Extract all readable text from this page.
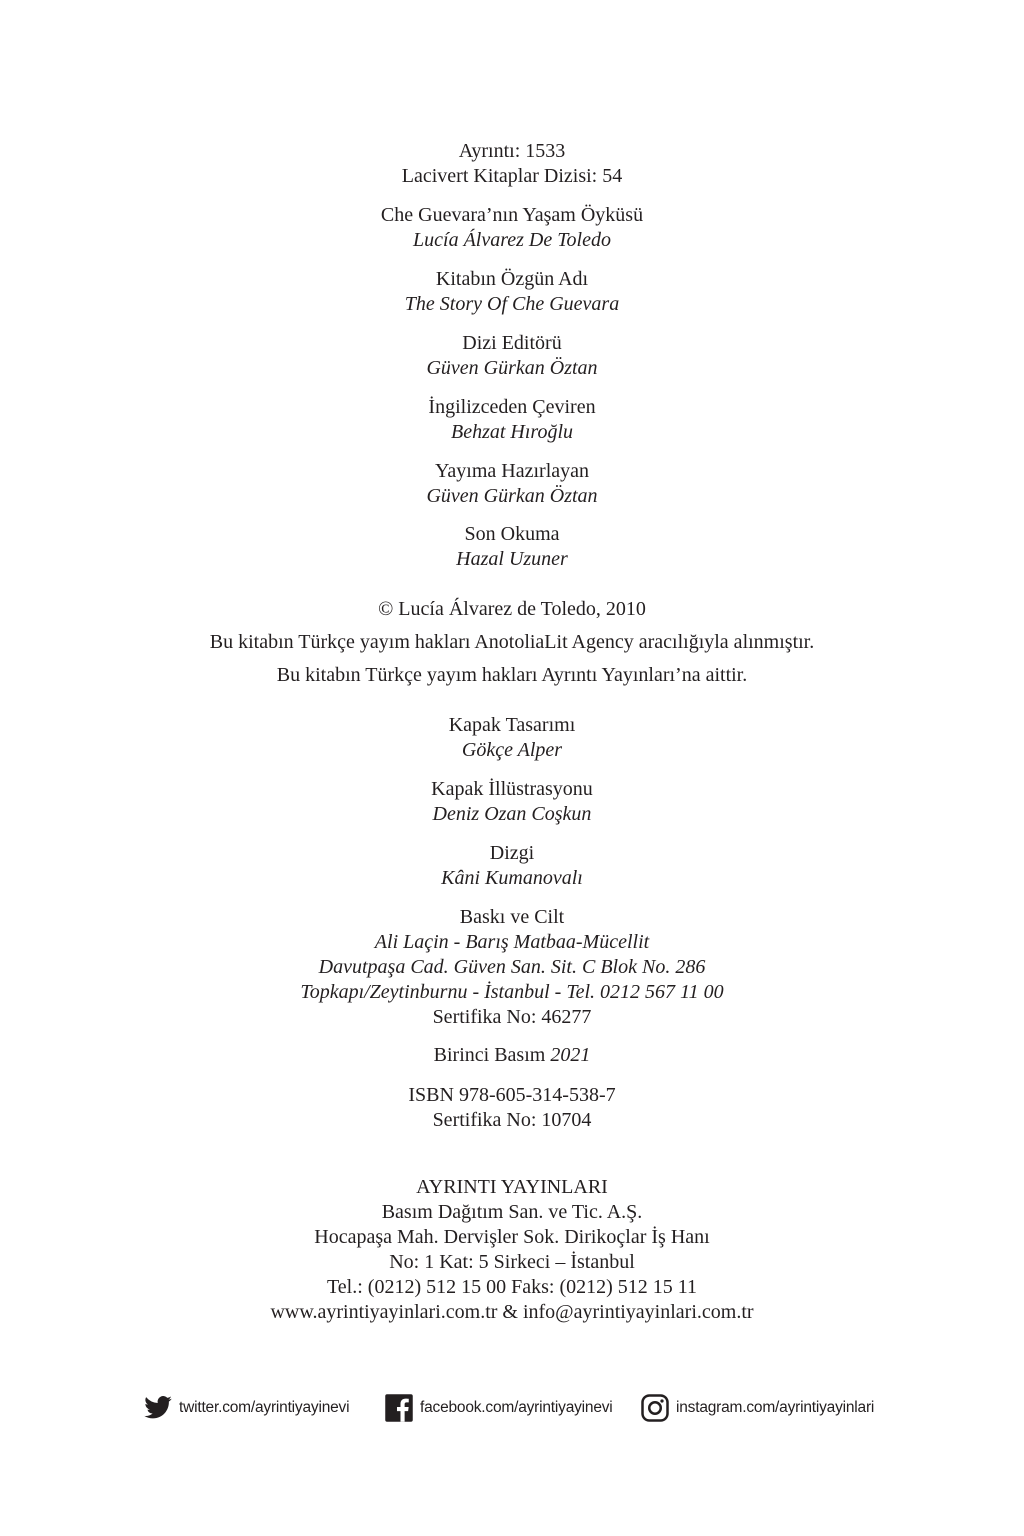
Ayrıntı: 1533
Lacivert Kitaplar Dizisi: 54
Che Guevara’nın Yaşam Öyküsü
Lucía Álvarez De Toledo
Kitabın Özgün Adı
The Story Of Che Guevara
Dizi Editörü
Güven Gürkan Öztan
İngilizceden Çeviren
Behzat Hıroğlu
Yayıma Hazırlayan
Güven Gürkan Öztan
Son Okuma
Hazal Uzuner
© Lucía Álvarez de Toledo, 2010
Bu kitabın Türkçe yayım hakları AnotoliaLit Agency aracılığıyla alınmıştır.
Bu kitabın Türkçe yayım hakları Ayrıntı Yayınları’na aittir.
Kapak Tasarımı
Gökçe Alper
Kapak İllüstrasyonu
Deniz Ozan Coşkun
Dizgi
Kâni Kumanovalı
Baskı ve Cilt
Ali Laçin - Barış Matbaa-Mücellit
Davutpaşa Cad. Güven San. Sit. C Blok No. 286
Topkapı/Zeytinburnu - İstanbul - Tel. 0212 567 11 00
Sertifika No: 46277
Birinci Basım 2021
ISBN 978-605-314-538-7
Sertifika No: 10704
AYRINTI YAYINLARI
Basım Dağıtım San. ve Tic. A.Ş.
Hocapaşa Mah. Dervişler Sok. Dirikoçlar İş Hanı
No: 1 Kat: 5 Sirkeci – İstanbul
Tel.: (0212) 512 15 00 Faks: (0212) 512 15 11
www.ayrintiyayinlari.com.tr & info@ayrintiyayinlari.com.tr
twitter.com/ayrintiyayinevi	facebook.com/ayrintiyayinevi	instagram.com/ayrintiyayinlari
